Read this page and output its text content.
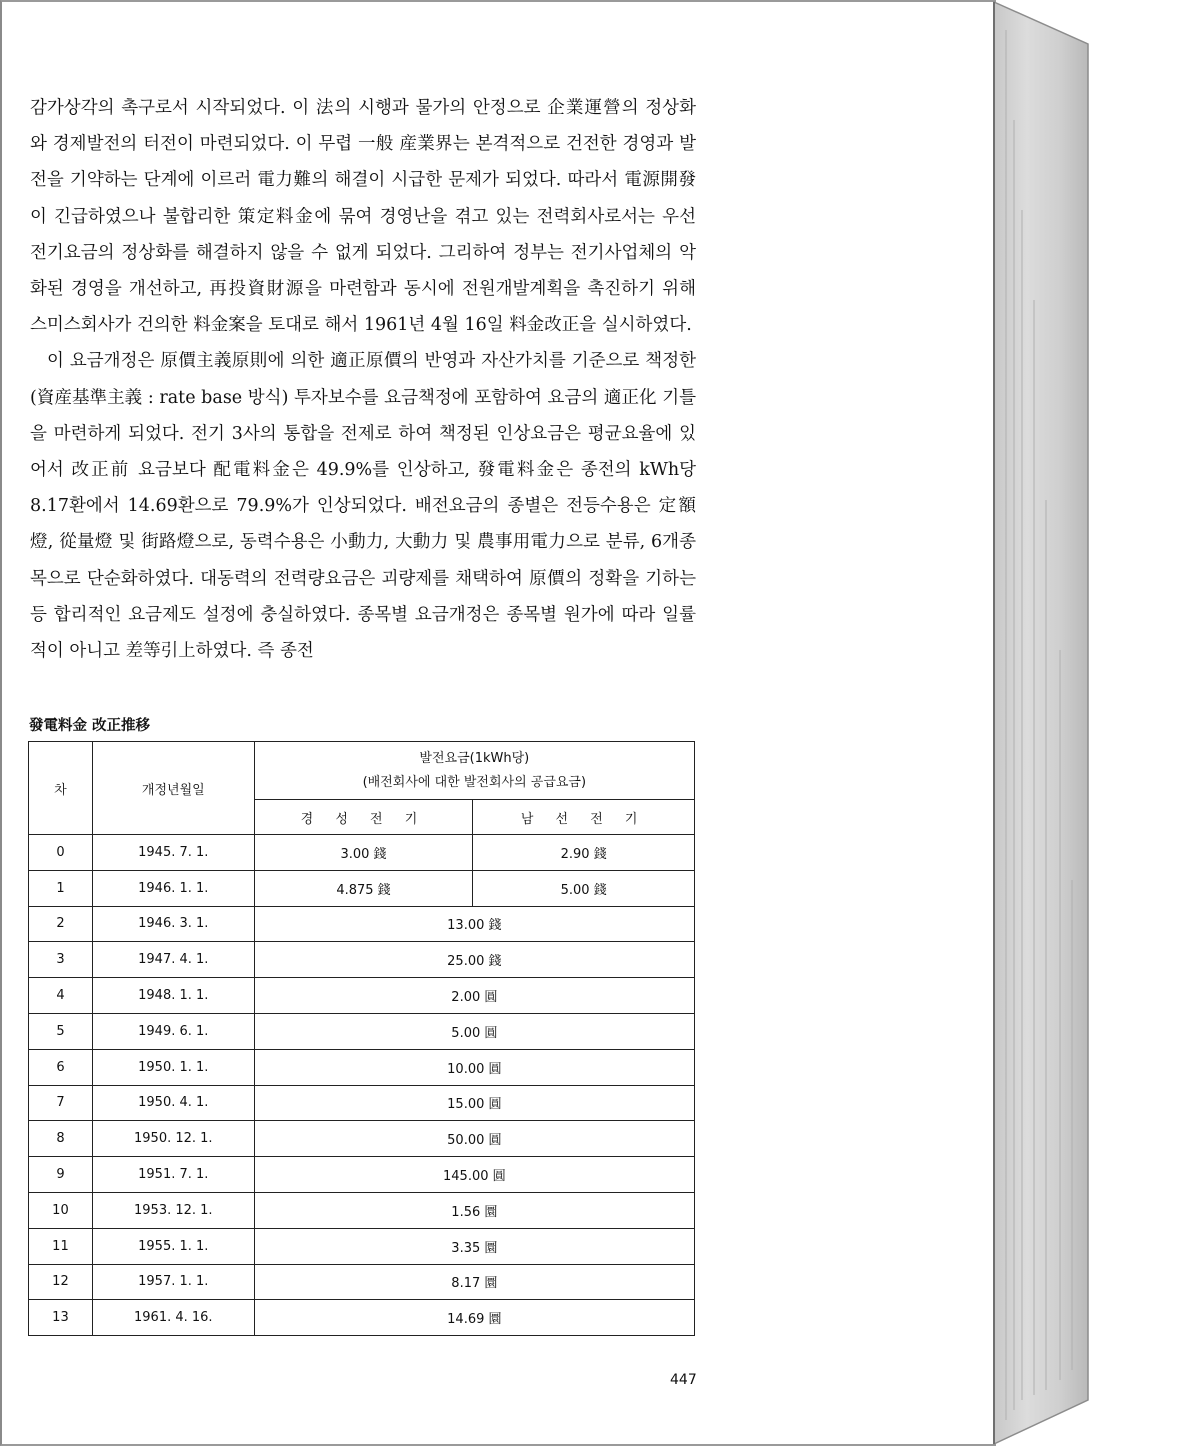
감가상각의 촉구로서 시작되었다. 이 法의 시행과 물가의 안정으로 企業運營의 정상화와 경제발전의 터전이 마련되었다. 이 무렵 一般 産業界는 본격적으로 건전한 경영과 발전을 기약하는 단계에 이르러 電力難의 해결이 시급한 문제가 되었다. 따라서 電源開發이 긴급하였으나 불합리한 策定料金에 묶여 경영난을 겪고 있는 전력회사로서는 우선 전기요금의 정상화를 해결하지 않을 수 없게 되었다. 그리하여 정부는 전기사업체의 악화된 경영을 개선하고, 再投資財源을 마련함과 동시에 전원개발계획을 촉진하기 위해 스미스회사가 건의한 料金案을 토대로 해서 1961년 4월 16일 料金改正을 실시하였다.

이 요금개정은 原價主義原則에 의한 適正原價의 반영과 자산가치를 기준으로 책정한(資産基準主義 : rate base 방식) 투자보수를 요금책정에 포함하여 요금의 適正化 기틀을 마련하게 되었다. 전기 3사의 통합을 전제로 하여 책정된 인상요금은 평균요율에 있어서 改正前 요금보다 配電料金은 49.9%를 인상하고, 發電料金은 종전의 kWh당 8.17환에서 14.69환으로 79.9%가 인상되었다. 배전요금의 종별은 전등수용은 定額燈, 從量燈 및 街路燈으로, 동력수용은 小動力, 大動力 및 農事用電力으로 분류, 6개종목으로 단순화하였다. 대동력의 전력량요금은 괴량제를 채택하여 原價의 정확을 기하는 등 합리적인 요금제도 설정에 충실하였다. 종목별 요금개정은 종목별 원가에 따라 일률적이 아니고 差等引上하였다. 즉 종전

發電料金 改正推移
차	개정년월일	발전요금(1kWh당)
(배전회사에 대한 발전회사의 공급요금)	

		경 성 전 기	남 선 전 기
0	1945. 7. 1.	3.00 錢	2.90 錢
1	1946. 1. 1.	4.875 錢	5.00 錢
2	1946. 3. 1.	13.00 錢	
3	1947. 4. 1.	25.00 錢	
4	1948. 1. 1.	2.00 圓	
5	1949. 6. 1.	5.00 圓	
6	1950. 1. 1.	10.00 圓	
7	1950. 4. 1.	15.00 圓	
8	1950. 12. 1.	50.00 圓	
9	1951. 7. 1.	145.00 圓	
10	1953. 12. 1.	1.56 圜	
11	1955. 1. 1.	3.35 圜	
12	1957. 1. 1.	8.17 圜	
13	1961. 4. 16.	14.69 圜	
447
